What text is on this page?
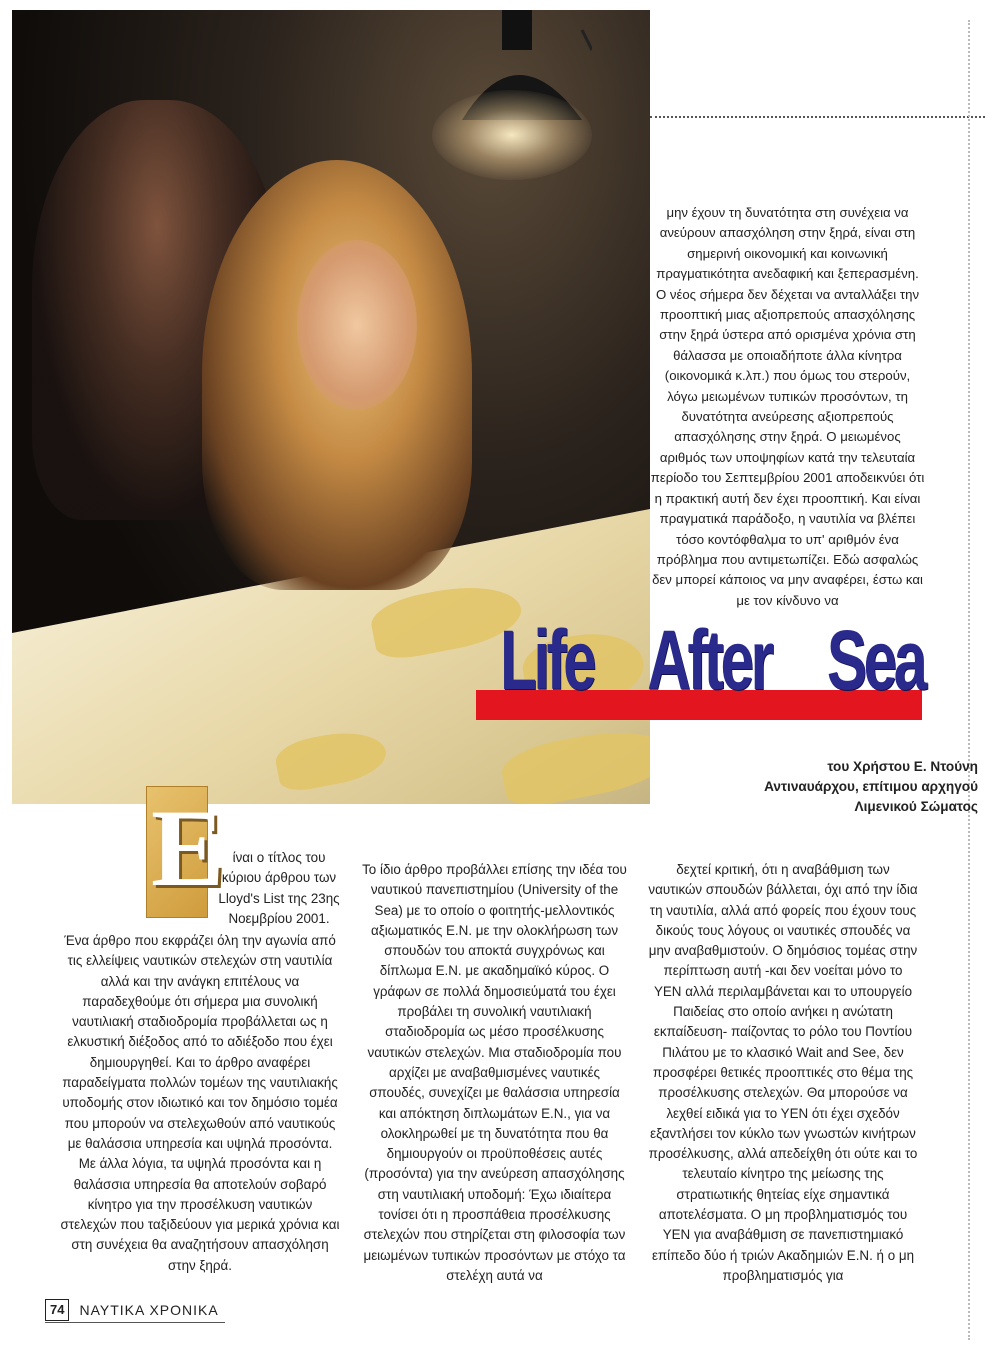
μην έχουν τη δυνατότητα στη συνέχεια να ανεύρουν απασχόληση στην ξηρά, είναι στη σημερινή οικονομική και κοινωνική πραγματικότητα ανεδαφική και ξεπερασμένη. Ο νέος σήμερα δεν δέχεται να ανταλλάξει την προοπτική μιας αξιοπρεπούς απασχόλησης στην ξηρά ύστερα από ορισμένα χρόνια στη θάλασσα με οποιαδήποτε άλλα κίνητρα (οικονομικά κ.λπ.) που όμως του στερούν, λόγω μειωμένων τυπικών προσόντων, τη δυνατότητα ανεύρεσης αξιοπρεπούς απασχόλησης στην ξηρά. Ο μειωμένος αριθμός των υποψηφίων κατά την τελευταία περίοδο του Σεπτεμβρίου 2001 αποδεικνύει ότι η πρακτική αυτή δεν έχει προοπτική. Και είναι πραγματικά παράδοξο, η ναυτιλία να βλέπει τόσο κοντόφθαλμα το υπ' αριθμόν ένα πρόβλημα που αντιμετωπίζει. Εδώ ασφαλώς δεν μπορεί κάποιος να μην αναφέρει, έστω και με τον κίνδυνο να
Life After Sea
του Χρήστου Ε. Ντούνη
Αντιναυάρχου, επίτιμου αρχηγού
Λιμενικού Σώματος
Ε ίναι ο τίτλος του κύριου άρθρου των Lloyd's List της 23ης Νοεμβρίου 2001.
Ένα άρθρο που εκφράζει όλη την αγωνία από τις ελλείψεις ναυτικών στελεχών στη ναυτιλία αλλά και την ανάγκη επιτέλους να παραδεχθούμε ότι σήμερα μια συνολική ναυτιλιακή σταδιοδρομία προβάλλεται ως η ελκυστική διέξοδος από το αδιέξοδο που έχει δημιουργηθεί. Και το άρθρο αναφέρει παραδείγματα πολλών τομέων της ναυτιλιακής υποδομής στον ιδιωτικό και τον δημόσιο τομέα που μπορούν να στελεχωθούν από ναυτικούς με θαλάσσια υπηρεσία και υψηλά προσόντα. Με άλλα λόγια, τα υψηλά προσόντα και η θαλάσσια υπηρεσία θα αποτελούν σοβαρό κίνητρο για την προσέλκυση ναυτικών στελεχών που ταξιδεύουν για μερικά χρόνια και στη συνέχεια θα αναζητήσουν απασχόληση στην ξηρά.
Το ίδιο άρθρο προβάλλει επίσης την ιδέα του ναυτικού πανεπιστημίου (University of the Sea) με το οποίο ο φοιτητής-μελλοντικός αξιωματικός Ε.Ν. με την ολοκλήρωση των σπουδών του αποκτά συγχρόνως και δίπλωμα Ε.Ν. με ακαδημαϊκό κύρος. Ο γράφων σε πολλά δημοσιεύματά του έχει προβάλει τη συνολική ναυτιλιακή σταδιοδρομία ως μέσο προσέλκυσης ναυτικών στελεχών. Μια σταδιοδρομία που αρχίζει με αναβαθμισμένες ναυτικές σπουδές, συνεχίζει με θαλάσσια υπηρεσία και απόκτηση διπλωμάτων Ε.Ν., για να ολοκληρωθεί με τη δυνατότητα που θα δημιουργούν οι προϋποθέσεις αυτές (προσόντα) για την ανεύρεση απασχόλησης στη ναυτιλιακή υποδομή: Έχω ιδιαίτερα τονίσει ότι η προσπάθεια προσέλκυσης στελεχών που στηρίζεται στη φιλοσοφία των μειωμένων τυπικών προσόντων με στόχο τα στελέχη αυτά να
δεχτεί κριτική, ότι η αναβάθμιση των ναυτικών σπουδών βάλλεται, όχι από την ίδια τη ναυτιλία, αλλά από φορείς που έχουν τους δικούς τους λόγους οι ναυτικές σπουδές να μην αναβαθμιστούν. Ο δημόσιος τομέας στην περίπτωση αυτή -και δεν νοείται μόνο το ΥΕΝ αλλά περιλαμβάνεται και το υπουργείο Παιδείας στο οποίο ανήκει η ανώτατη εκπαίδευση- παίζοντας το ρόλο του Ποντίου Πιλάτου με το κλασικό Wait and See, δεν προσφέρει θετικές προοπτικές στο θέμα της προσέλκυσης στελεχών. Θα μπορούσε να λεχθεί ειδικά για το ΥΕΝ ότι έχει σχεδόν εξαντλήσει τον κύκλο των γνωστών κινήτρων προσέλκυσης, αλλά απεδείχθη ότι ούτε και το τελευταίο κίνητρο της μείωσης της στρατιωτικής θητείας είχε σημαντικά αποτελέσματα. Ο μη προβληματισμός του ΥΕΝ για αναβάθμιση σε πανεπιστημιακό επίπεδο δύο ή τριών Ακαδημιών Ε.Ν. ή ο μη προβληματισμός για
74	ΝΑΥΤΙΚΑ ΧΡΟΝΙΚΑ
